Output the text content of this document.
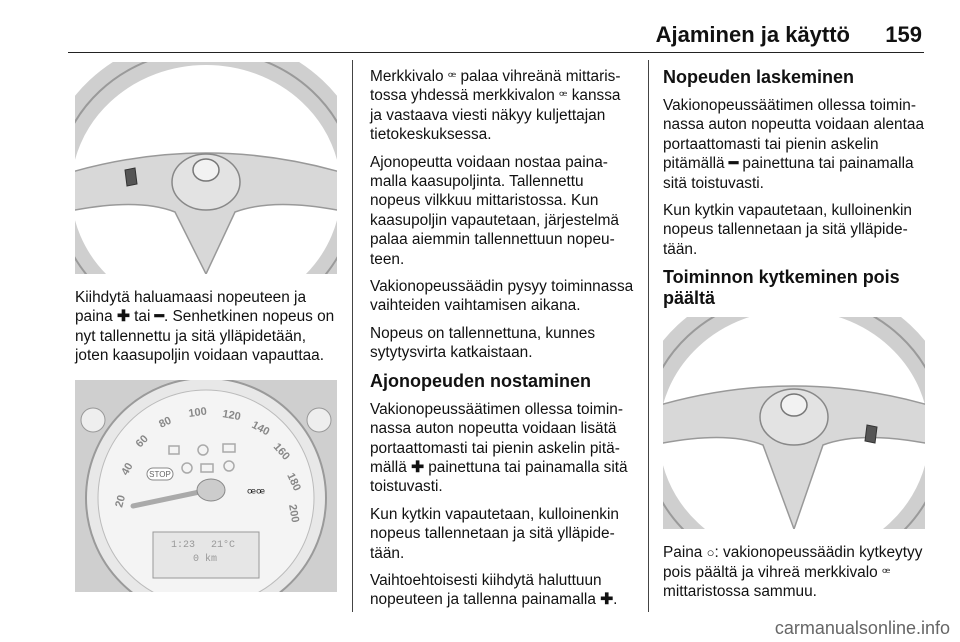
Ajaminen ja käyttö 159

Kiihdytä haluamaasi nopeuteen ja paina ✚ tai ━. Senhetkinen nopeus on nyt tallennettu ja sitä ylläpidetään, joten kaasupoljin voidaan vapauttaa.

20
40
60
80
100 120
140
160
180
200
STOP
ꟹꟹ
1:23 21°C
0 km

Merkkivalo ꟹ palaa vihreänä mittaristossa yhdessä merkkivalon ꟹ kanssa ja vastaava viesti näkyy kuljettajan tietokeskuksessa.

Ajonopeutta voidaan nostaa painamalla kaasupoljinta. Tallennettu nopeus vilkkuu mittaristossa. Kun kaasupoljin vapautetaan, järjestelmä palaa aiemmin tallennettuun nopeuteen.

Vakionopeussäädin pysyy toiminnassa vaihteiden vaihtamisen aikana.

Nopeus on tallennettuna, kunnes sytytysvirta katkaistaan.

Ajonopeuden nostaminen

Vakionopeussäätimen ollessa toiminnassa auton nopeutta voidaan lisätä portaattomasti tai pienin askelin pitämällä ✚ painettuna tai painamalla sitä toistuvasti.

Kun kytkin vapautetaan, kulloinenkin nopeus tallennetaan ja sitä ylläpidetään.

Vaihtoehtoisesti kiihdytä haluttuun nopeuteen ja tallenna painamalla ✚.

Nopeuden laskeminen

Vakionopeussäätimen ollessa toiminnassa auton nopeutta voidaan alentaa portaattomasti tai pienin askelin pitämällä ━ painettuna tai painamalla sitä toistuvasti.

Kun kytkin vapautetaan, kulloinenkin nopeus tallennetaan ja sitä ylläpidetään.

Toiminnon kytkeminen pois päältä

Paina ○: vakionopeussäädin kytkeytyy pois päältä ja vihreä merkkivalo ꟹ mittaristossa sammuu.

carmanualsonline.info
